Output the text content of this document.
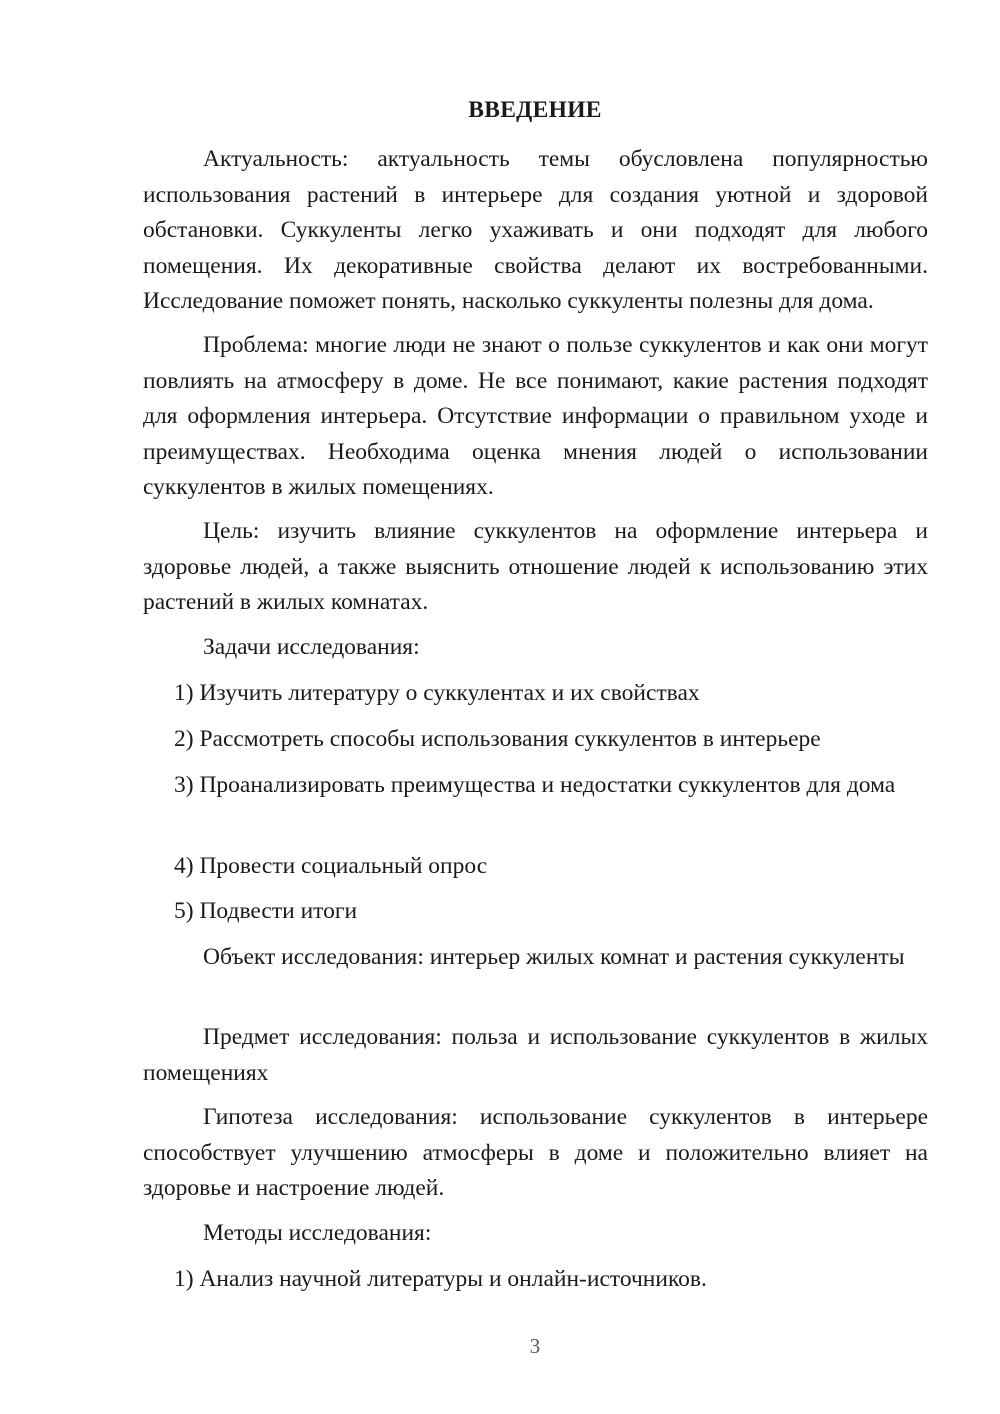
ВВЕДЕНИЕ

Актуальность: актуальность темы обусловлена популярностью использования растений в интерьере для создания уютной и здоровой обстановки. Суккуленты легко ухаживать и они подходят для любого помещения. Их декоративные свойства делают их востребованными. Исследование поможет понять, насколько суккуленты полезны для дома.

Проблема: многие люди не знают о пользе суккулентов и как они могут повлиять на атмосферу в доме. Не все понимают, какие растения подходят для оформления интерьера. Отсутствие информации о правильном уходе и преимуществах. Необходима оценка мнения людей о использовании суккулентов в жилых помещениях.

Цель: изучить влияние суккулентов на оформление интерьера и здоровье людей, а также выяснить отношение людей к использованию этих растений в жилых комнатах.

Задачи исследования:

1) Изучить литературу о суккулентах и их свойствах

2) Рассмотреть способы использования суккулентов в интерьере

3) Проанализировать преимущества и недостатки суккулентов для дома

4) Провести социальный опрос

5) Подвести итоги

Объект исследования: интерьер жилых комнат и растения суккуленты

Предмет исследования: польза и использование суккулентов в жилых помещениях

Гипотеза исследования: использование суккулентов в интерьере способствует улучшению атмосферы в доме и положительно влияет на здоровье и настроение людей.

Методы исследования:

1) Анализ научной литературы и онлайн-источников.

3
